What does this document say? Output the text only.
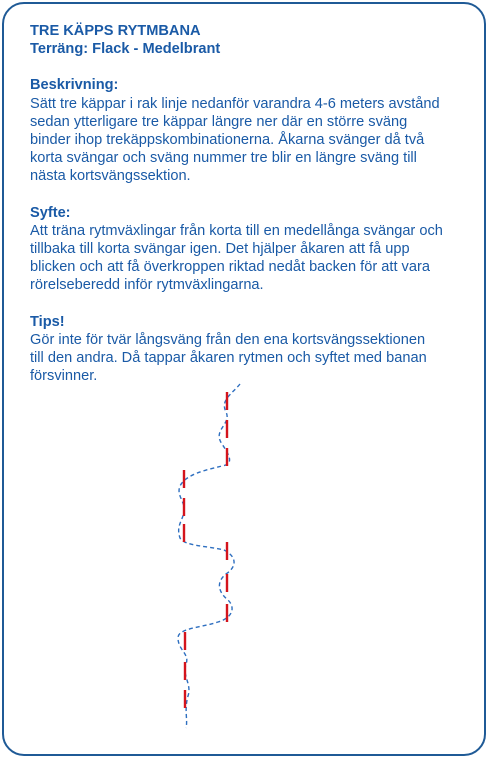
TRE KÄPPS RYTMBANA
Terräng: Flack - Medelbrant
Beskrivning:

Sätt tre käppar i rak linje nedanför varandra 4-6 meters avstånd

sedan ytterligare tre käppar längre ner där en större sväng

binder ihop trekäppskombinationerna. Åkarna svänger då två

korta svängar och sväng nummer tre blir en längre sväng till

nästa kortsvängssektion.

Syfte:

Att träna rytmväxlingar från korta till en medellånga svängar och

tillbaka till korta svängar igen. Det hjälper åkaren att få upp

blicken och att få överkroppen riktad nedåt backen för att vara

rörelseberedd inför rytmväxlingarna.

Tips!

Gör inte för tvär långsväng från den ena kortsvängssektionen

till den andra. Då tappar åkaren rytmen och syftet med banan

försvinner.
